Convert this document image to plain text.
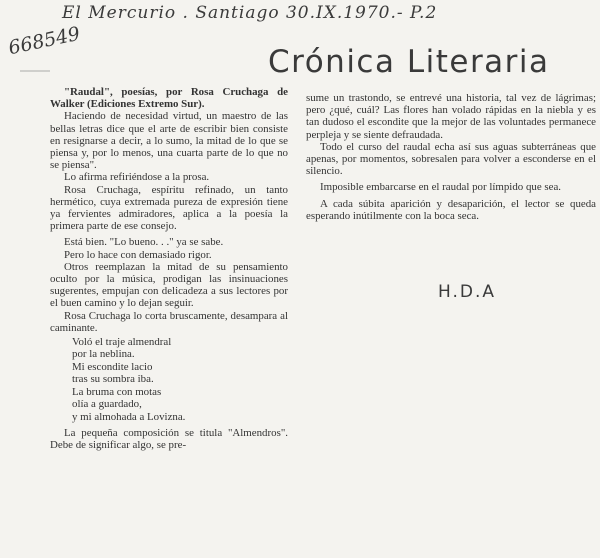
El Mercurio . Santiago 30.IX.1970.- P.2
668549
Crónica Literaria

"Raudal", poesías, por Rosa Cruchaga de Walker (Ediciones Extremo Sur).

Haciendo de necesidad virtud, un maestro de las bellas letras dice que el arte de escribir bien consiste en resignarse a decir, a lo sumo, la mitad de lo que se piensa y, por lo menos, una cuarta parte de lo que no se piensa".

Lo afirma refiriéndose a la prosa.

Rosa Cruchaga, espíritu refinado, un tanto hermético, cuya extremada pureza de expresión tiene ya fervientes admiradores, aplica a la poesía la primera parte de ese consejo.

Está bien. "Lo bueno. . ." ya se sabe.

Pero lo hace con demasiado rigor.

Otros reemplazan la mitad de su pensamiento oculto por la música, prodigan las insinuaciones sugerentes, empujan con delicadeza a sus lectores por el buen camino y lo dejan seguir.

Rosa Cruchaga lo corta bruscamente, desampara al caminante.

Voló el traje almendral

por la neblina.

Mi escondite lacio

tras su sombra iba.

La bruma con motas

olía a guardado,

y mi almohada a Lovizna.

La pequeña composición se titula "Almendros". Debe de significar algo, se pre-

sume un trastondo, se entrevé una historia, tal vez de lágrimas; pero ¿qué, cuál? Las flores han volado rápidas en la niebla y es tan dudoso el escondite que la mejor de las voluntades permanece perpleja y se siente defraudada.

Todo el curso del raudal echa así sus aguas subterráneas que apenas, por momentos, sobresalen para volver a esconderse en el silencio.

Imposible embarcarse en el raudal por límpido que sea.

A cada súbita aparición y desaparición, el lector se queda esperando inútilmente con la boca seca.

H.D.A
